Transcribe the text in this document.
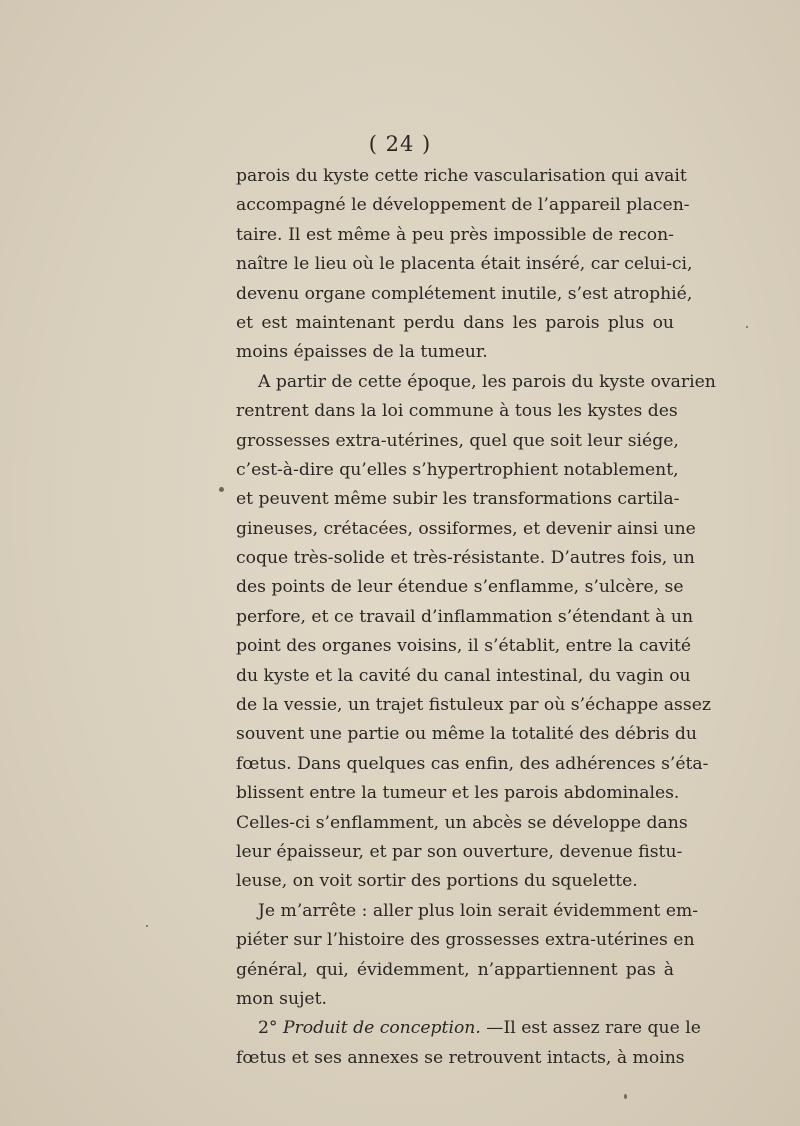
( 24 )
parois du kyste cette riche vascularisation qui avait
accompagné le développement de l’appareil placen-
taire. Il est même à peu près impossible de recon-
naître le lieu où le placenta était inséré, car celui-ci,
devenu organe complétement inutile, s’est atrophié,
et est maintenant perdu dans les parois plus ou
moins épaisses de la tumeur.
A partir de cette époque, les parois du kyste ovarien
rentrent dans la loi commune à tous les kystes des
grossesses extra-utérines, quel que soit leur siége,
c’est-à-dire qu’elles s’hypertrophient notablement,
et peuvent même subir les transformations cartila-
gineuses, crétacées, ossiformes, et devenir ainsi une
coque très-solide et très-résistante. D’autres fois, un
des points de leur étendue s’enflamme, s’ulcère, se
perfore, et ce travail d’inflammation s’étendant à un
point des organes voisins, il s’établit, entre la cavité
du kyste et la cavité du canal intestinal, du vagin ou
de la vessie, un trajet fistuleux par où s’échappe assez
souvent une partie ou même la totalité des débris du
fœtus. Dans quelques cas enfin, des adhérences s’éta-
blissent entre la tumeur et les parois abdominales.
Celles-ci s’enflamment, un abcès se développe dans
leur épaisseur, et par son ouverture, devenue fistu-
leuse, on voit sortir des portions du squelette.
Je m’arrête : aller plus loin serait évidemment em-
piéter sur l’histoire des grossesses extra-utérines en
général, qui, évidemment, n’appartiennent pas à
mon sujet.
2° Produit de conception. —Il est assez rare que le
fœtus et ses annexes se retrouvent intacts, à moins
